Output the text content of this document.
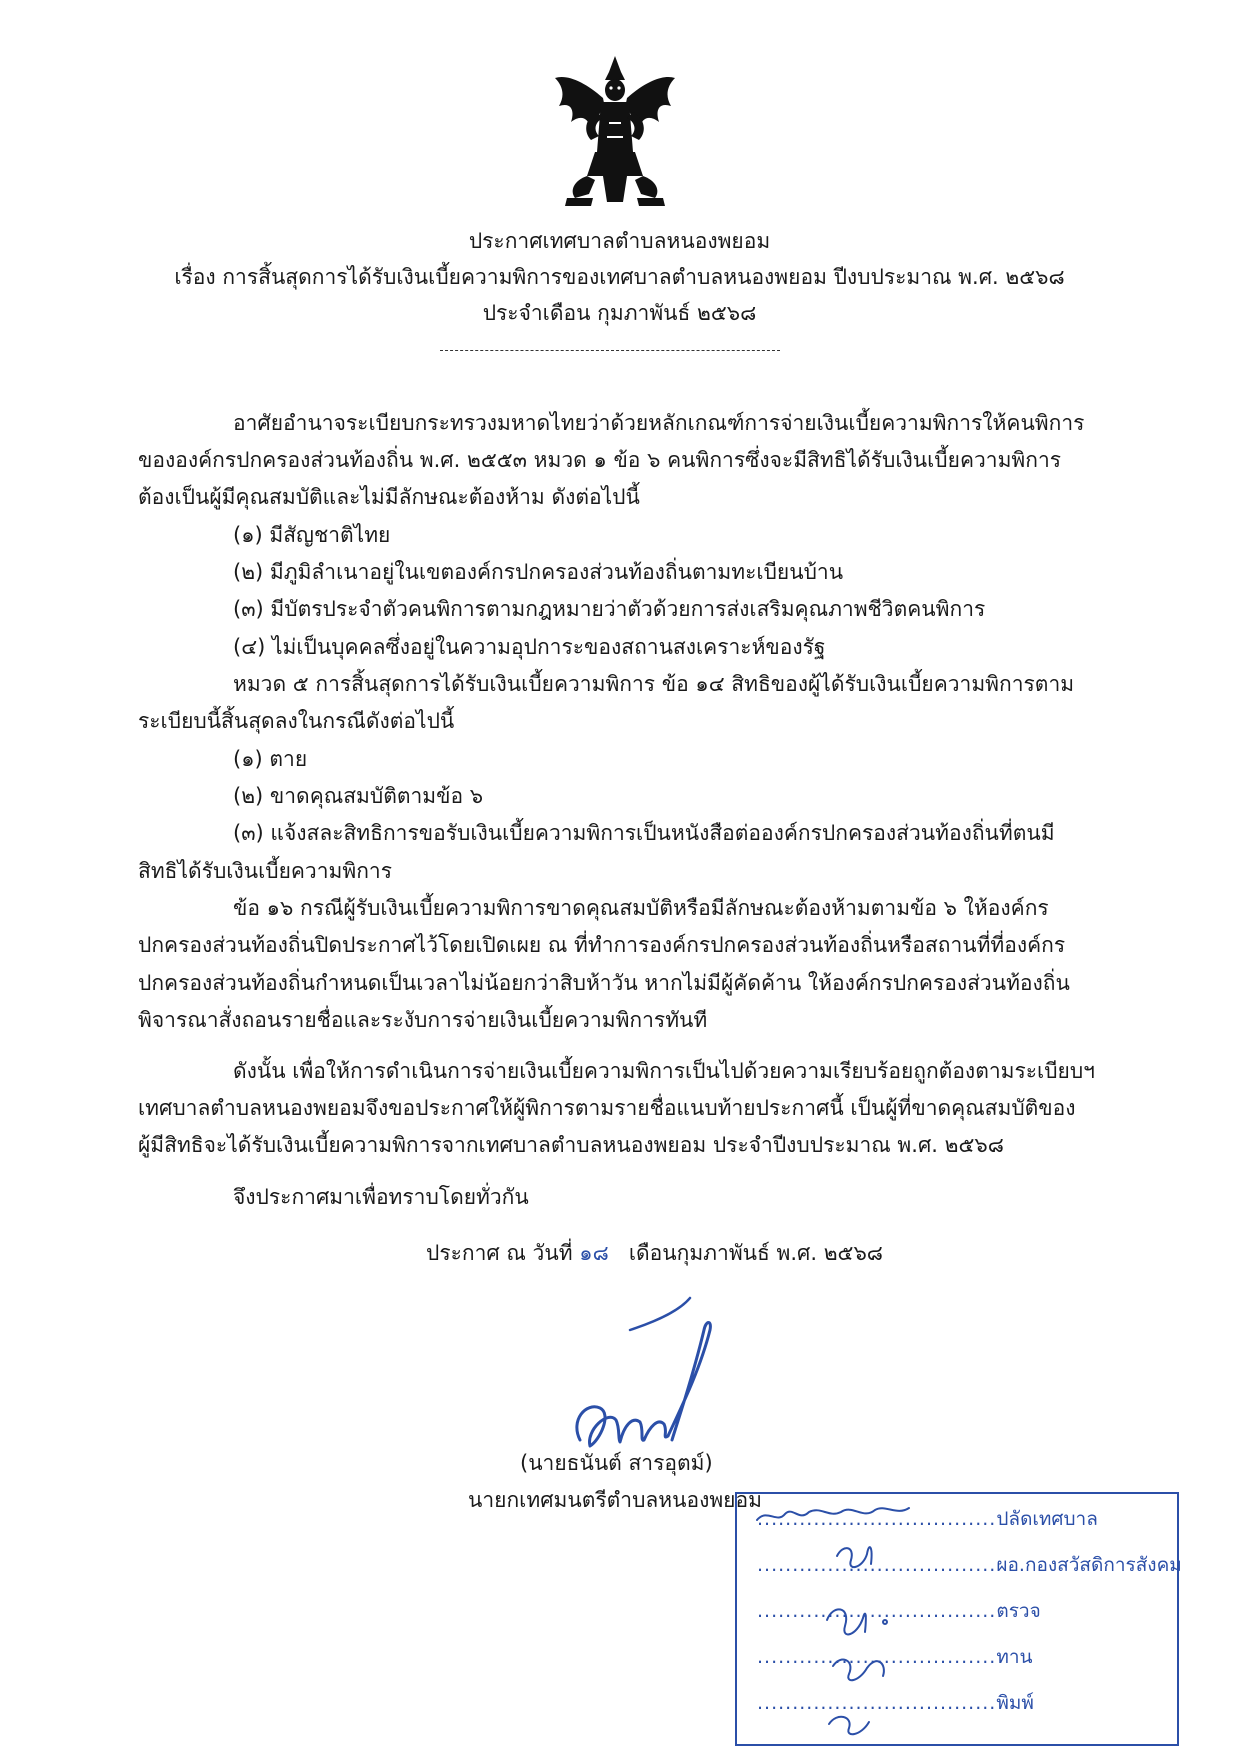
ประกาศเทศบาลตำบลหนองพยอม
เรื่อง การสิ้นสุดการได้รับเงินเบี้ยความพิการของเทศบาลตำบลหนองพยอม ปีงบประมาณ พ.ศ. ๒๕๖๘
ประจำเดือน กุมภาพันธ์ ๒๕๖๘
อาศัยอำนาจระเบียบกระทรวงมหาดไทยว่าด้วยหลักเกณฑ์การจ่ายเงินเบี้ยความพิการให้คนพิการ
ขององค์กรปกครองส่วนท้องถิ่น พ.ศ. ๒๕๕๓ หมวด ๑ ข้อ ๖ คนพิการซึ่งจะมีสิทธิได้รับเงินเบี้ยความพิการ
ต้องเป็นผู้มีคุณสมบัติและไม่มีลักษณะต้องห้าม ดังต่อไปนี้
(๑) มีสัญชาติไทย
(๒) มีภูมิลำเนาอยู่ในเขตองค์กรปกครองส่วนท้องถิ่นตามทะเบียนบ้าน
(๓) มีบัตรประจำตัวคนพิการตามกฎหมายว่าตัวด้วยการส่งเสริมคุณภาพชีวิตคนพิการ
(๔) ไม่เป็นบุคคลซึ่งอยู่ในความอุปการะของสถานสงเคราะห์ของรัฐ
หมวด ๕ การสิ้นสุดการได้รับเงินเบี้ยความพิการ ข้อ ๑๔ สิทธิของผู้ได้รับเงินเบี้ยความพิการตาม
ระเบียบนี้สิ้นสุดลงในกรณีดังต่อไปนี้
(๑) ตาย
(๒) ขาดคุณสมบัติตามข้อ ๖
(๓) แจ้งสละสิทธิการขอรับเงินเบี้ยความพิการเป็นหนังสือต่อองค์กรปกครองส่วนท้องถิ่นที่ตนมี
สิทธิได้รับเงินเบี้ยความพิการ
ข้อ ๑๖ กรณีผู้รับเงินเบี้ยความพิการขาดคุณสมบัติหรือมีลักษณะต้องห้ามตามข้อ ๖ ให้องค์กร
ปกครองส่วนท้องถิ่นปิดประกาศไว้โดยเปิดเผย ณ ที่ทำการองค์กรปกครองส่วนท้องถิ่นหรือสถานที่ที่องค์กร
ปกครองส่วนท้องถิ่นกำหนดเป็นเวลาไม่น้อยกว่าสิบห้าวัน หากไม่มีผู้คัดค้าน ให้องค์กรปกครองส่วนท้องถิ่น
พิจารณาสั่งถอนรายชื่อและระงับการจ่ายเงินเบี้ยความพิการทันที
ดังนั้น เพื่อให้การดำเนินการจ่ายเงินเบี้ยความพิการเป็นไปด้วยความเรียบร้อยถูกต้องตามระเบียบฯ
เทศบาลตำบลหนองพยอมจึงขอประกาศให้ผู้พิการตามรายชื่อแนบท้ายประกาศนี้ เป็นผู้ที่ขาดคุณสมบัติของ
ผู้มีสิทธิจะได้รับเงินเบี้ยความพิการจากเทศบาลตำบลหนองพยอม ประจำปีงบประมาณ พ.ศ. ๒๕๖๘
จึงประกาศมาเพื่อทราบโดยทั่วกัน
ประกาศ ณ วันที่ ๑๘ เดือนกุมภาพันธ์ พ.ศ. ๒๕๖๘
(นายธนันต์ สารอุตม์)
นายกเทศมนตรีตำบลหนองพยอม
..................................ปลัดเทศบาล
..................................ผอ.กองสวัสดิการสังคม
..................................ตรวจ
..................................ทาน
..................................พิมพ์
